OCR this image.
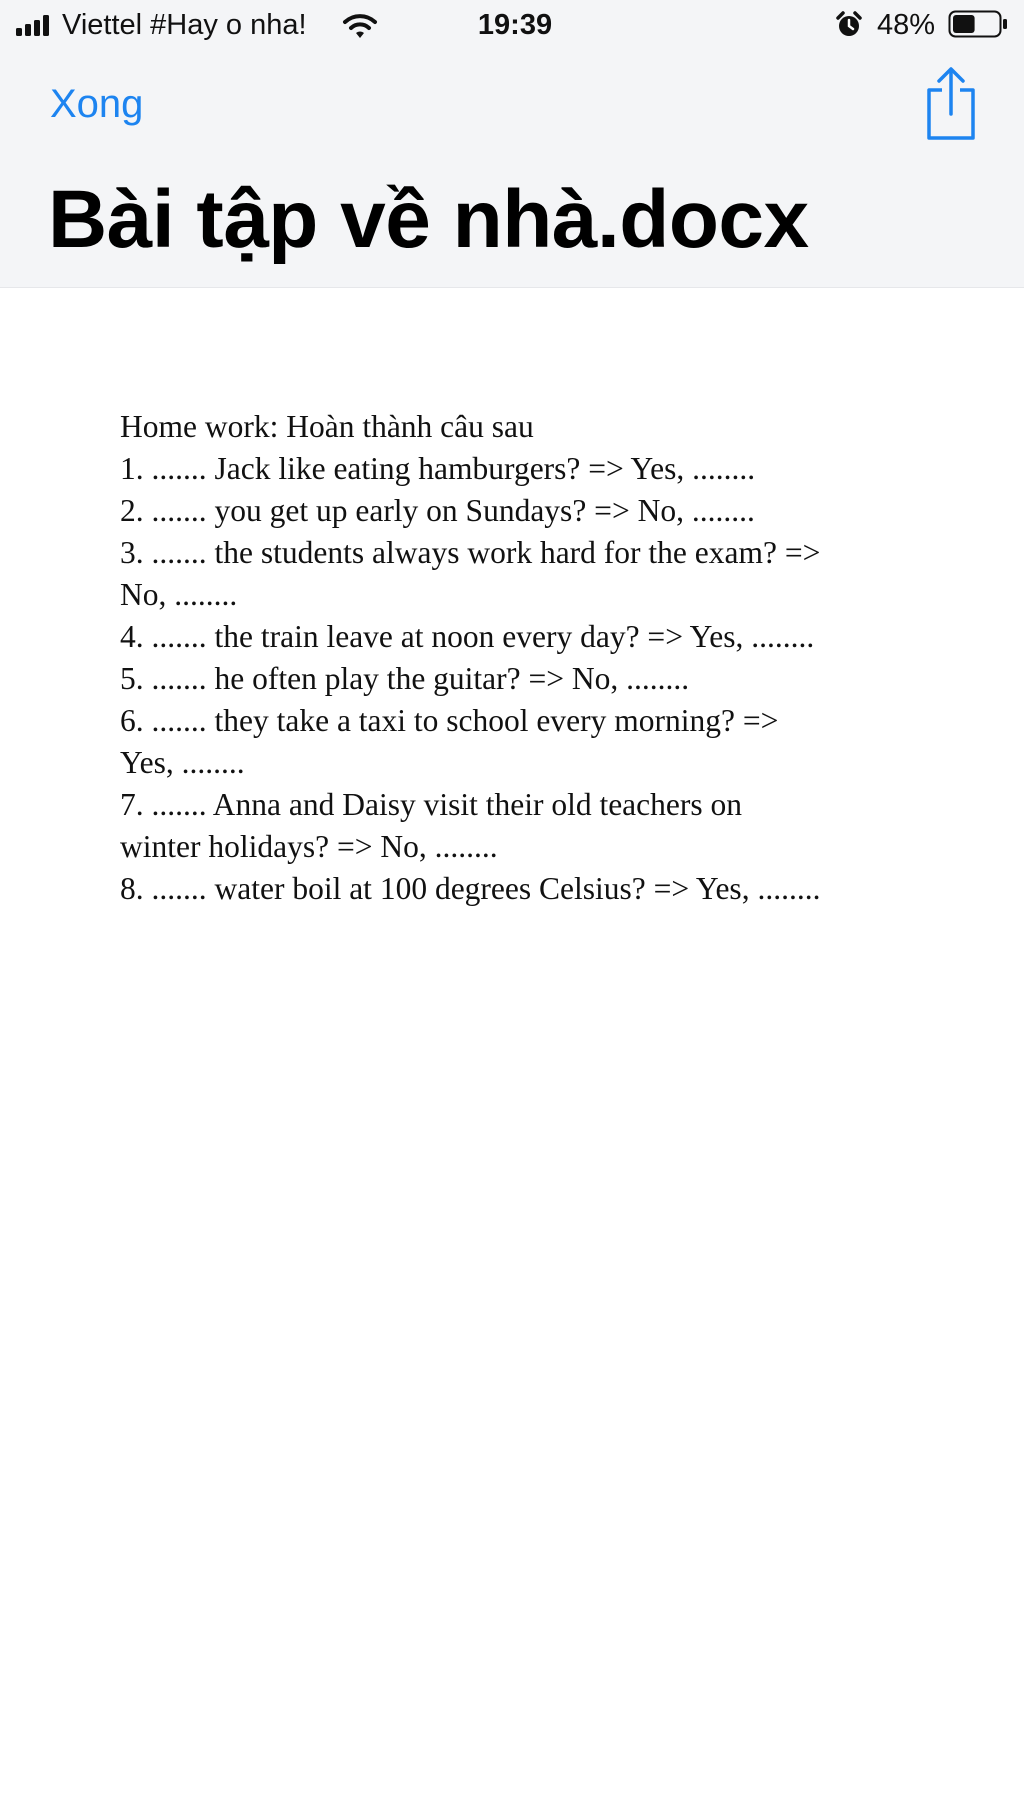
Viettel #Hay o nha!	19:39	48%
Xong
Bài tập về nhà.docx

Home work: Hoàn thành câu sau

1. ....... Jack like eating hamburgers? => Yes, ........

2. ....... you get up early on Sundays? => No, ........

3. ....... the students always work hard for the exam? =>

No, ........

4. ....... the train leave at noon every day? => Yes, ........

5. ....... he often play the guitar? => No, ........

6. ....... they take a taxi to school every morning? =>

Yes, ........

7. ....... Anna and Daisy visit their old teachers on

winter holidays? => No, ........

8. ....... water boil at 100 degrees Celsius? => Yes, ........
